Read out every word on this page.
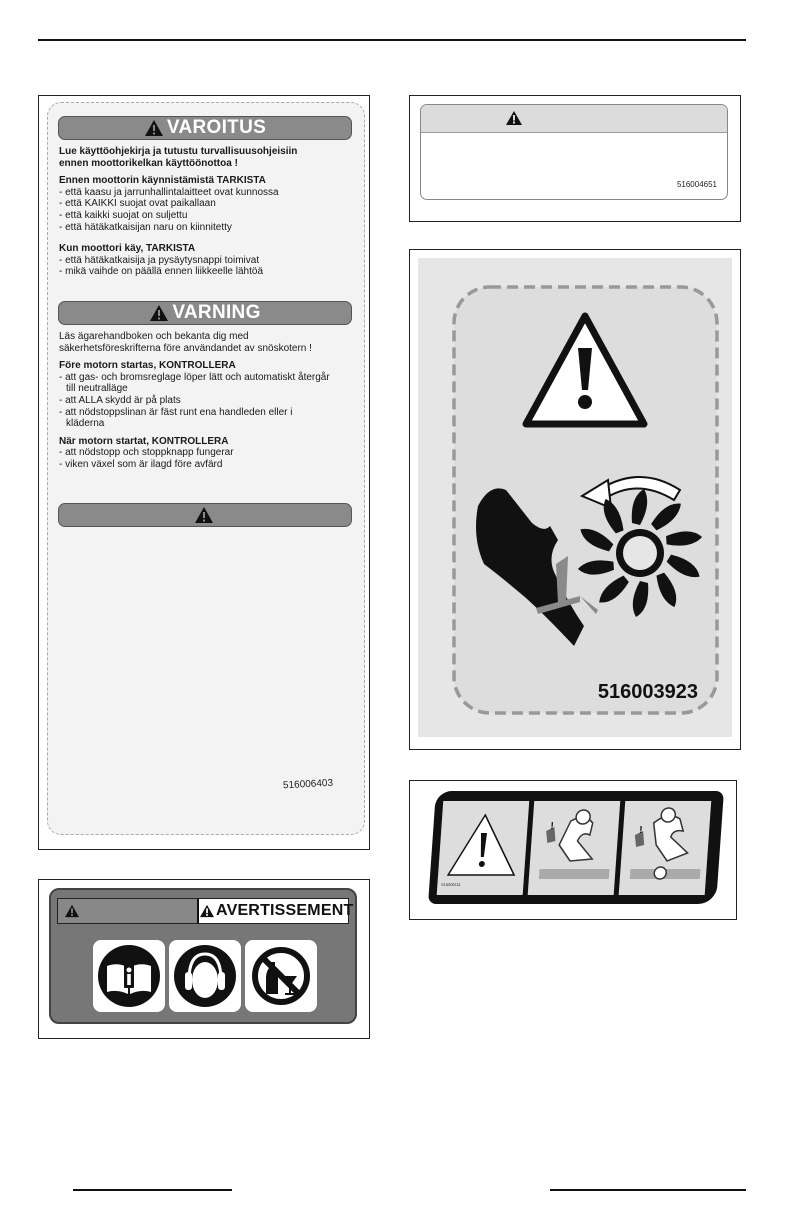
VAROITUS
Lue käyttöohjekirja ja tutustu turvallisuusohjeisiin
ennen moottorikelkan käyttöönottoa !
Ennen moottorin käynnistämistä TARKISTA
- että kaasu ja jarrunhallintalaitteet ovat kunnossa
- että KAIKKI suojat ovat paikallaan
- että kaikki suojat on suljettu
- että hätäkatkaisijan naru on kiinnitetty
Kun moottori käy, TARKISTA
- että hätäkatkaisija ja pysäytysnappi toimivat
- mikä vaihde on päällä ennen liikkeelle lähtöä
VARNING
Läs ägarehandboken och bekanta dig med
säkerhetsföreskrifterna före användandet av snöskotern !
Före motorn startas, KONTROLLERA
- att gas- och bromsreglage löper lätt och automatiskt återgår
till neutralläge
- att ALLA skydd är på plats
- att nödstoppslinan är fäst runt ena handleden eller i
kläderna
När motorn startat, KONTROLLERA
- att nödstopp och stoppknapp fungerar
- viken växel som är ilagd före avfärd
516006403
516004651
516003923
AVERTISSEMENT
516005111
!	!
